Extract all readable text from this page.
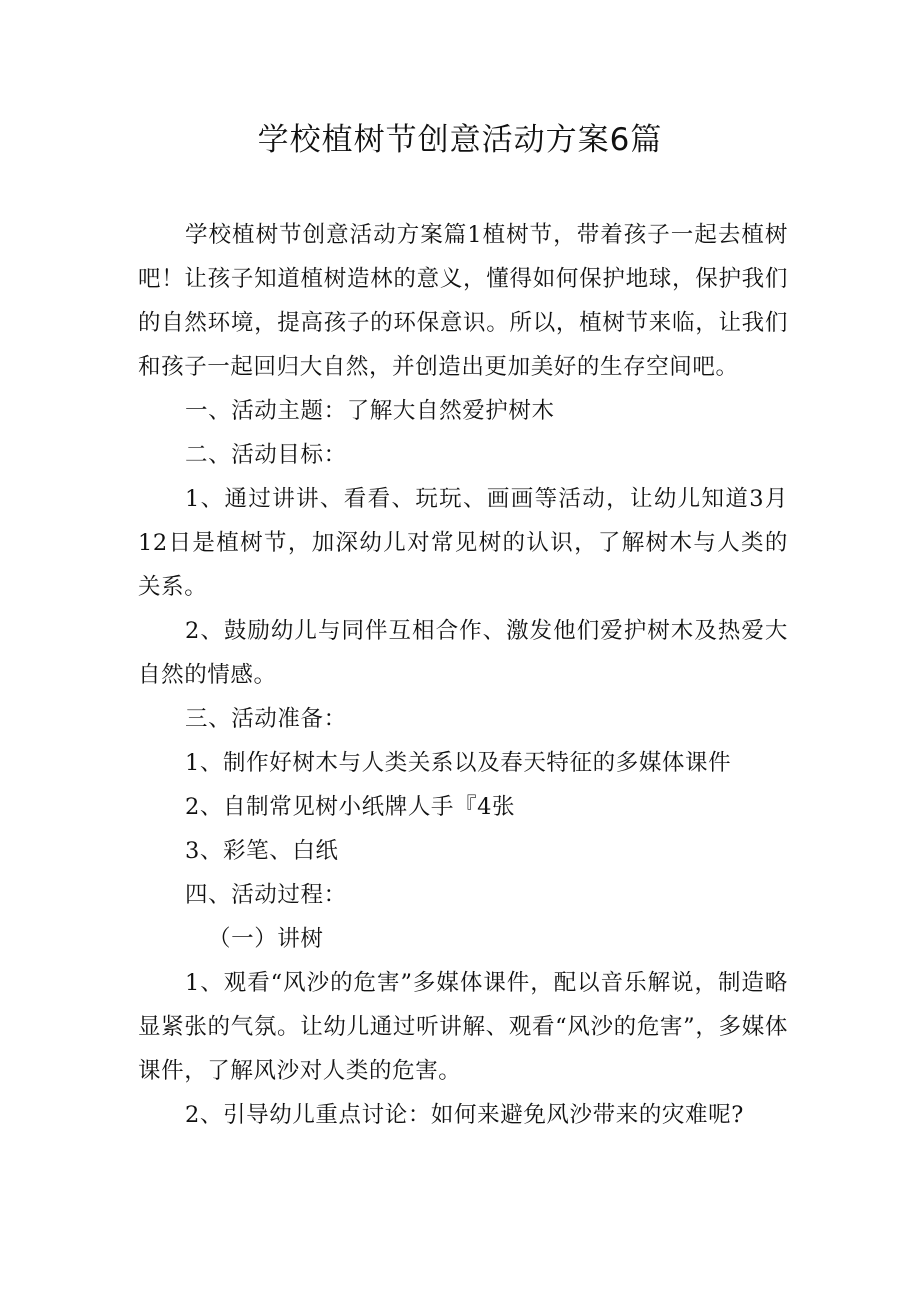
学校植树节创意活动方案6篇

学校植树节创意活动方案篇1植树节，带着孩子一起去植树吧！让孩子知道植树造林的意义，懂得如何保护地球，保护我们的自然环境，提高孩子的环保意识。所以，植树节来临，让我们和孩子一起回归大自然，并创造出更加美好的生存空间吧。

一、活动主题：了解大自然爱护树木

二、活动目标：

1、通过讲讲、看看、玩玩、画画等活动，让幼儿知道3月12日是植树节，加深幼儿对常见树的认识，了解树木与人类的关系。

2、鼓励幼儿与同伴互相合作、激发他们爱护树木及热爱大自然的情感。

三、活动准备：

1、制作好树木与人类关系以及春天特征的多媒体课件

2、自制常见树小纸牌人手『4张

3、彩笔、白纸

四、活动过程：

（一）讲树

1、观看“风沙的危害”多媒体课件，配以音乐解说，制造略显紧张的气氛。让幼儿通过听讲解、观看“风沙的危害”，多媒体课件，了解风沙对人类的危害。

2、引导幼儿重点讨论：如何来避免风沙带来的灾难呢?
